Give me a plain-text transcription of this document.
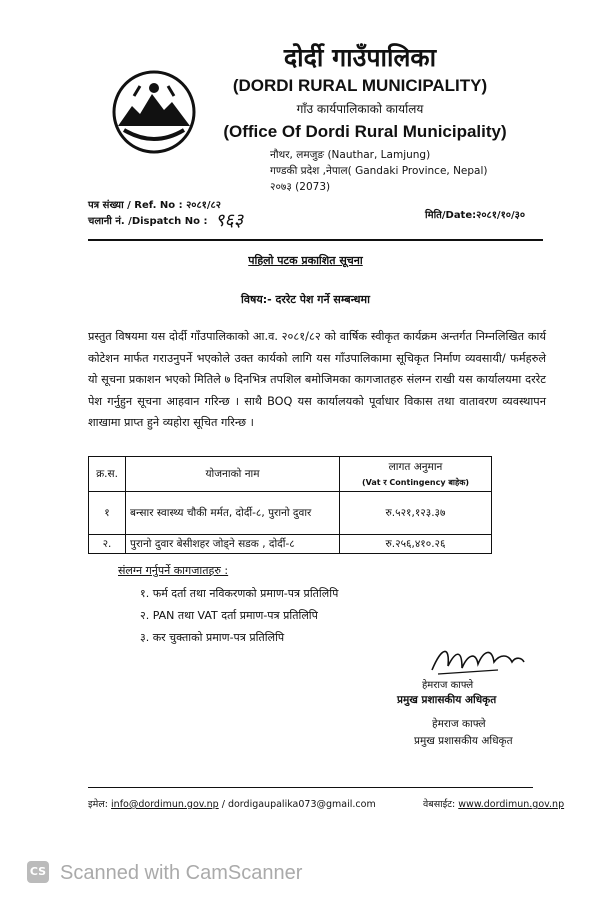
दोर्दी गाउँपालिका
(DORDI RURAL MUNICIPALITY)
गाँउ कार्यपालिकाको कार्यालय
(Office Of Dordi Rural Municipality)
नौथर, लमजुङ (Nauthar, Lamjung)
गण्डकी प्रदेश ,नेपाल( Gandaki Province, Nepal)
२०७३ (2073)
पत्र संख्या / Ref. No : २०८१/८२
चलानी नं. /Dispatch No : ९६३	मिति/Date:२०८१/१०/३०
पहिलो पटक प्रकाशित सूचना
विषय:- दररेट पेश गर्ने सम्बन्धमा

प्रस्तुत विषयमा यस दोर्दी गाँउपालिकाको आ.व. २०८१/८२ को वार्षिक स्वीकृत कार्यक्रम अन्तर्गत निम्नलिखित कार्य कोटेशन मार्फत गराउनुपर्ने भएकोले उक्त कार्यको लागि यस गाँउपालिकामा सूचिकृत निर्माण व्यवसायी/ फर्महरुले यो सूचना प्रकाशन भएको मितिले ७ दिनभित्र तपशिल बमोजिमका कागजातहरु संलग्न राखी यस कार्यालयमा दररेट पेश गर्नुहुन सूचना आहवान गरिन्छ । साथै BOQ यस कार्यालयको पूर्वाधार विकास तथा वातावरण व्यवस्थापन शाखामा प्राप्त हुने व्यहोरा सूचित गरिन्छ ।

क्र.स.	योजनाको नाम	लागत अनुमान
(Vat र Contingency बाहेक)

१	बन्सार स्वास्थ्य चौकी मर्मत, दोर्दी-८, पुरानो दुवार	रु.५२१,१२३.३७
२.	पुरानो दुवार बेसीशहर जोड्ने सडक , दोर्दी-८	रु.२५६,४१०.२६
संलग्न गर्नुपर्ने कागजातहरु :
१. फर्म दर्ता तथा नविकरणको प्रमाण-पत्र प्रतिलिपि
२. PAN तथा VAT दर्ता प्रमाण-पत्र प्रतिलिपि
३. कर चुक्ताको प्रमाण-पत्र प्रतिलिपि
हेमराज काफ्ले
प्रमुख प्रशासकीय अधिकृत
हेमराज काफ्ले
प्रमुख प्रशासकीय अधिकृत
इमेल: info@dordimun.gov.np / dordigaupalika073@gmail.com	वेबसाईट: www.dordimun.gov.np
CS Scanned with CamScanner
